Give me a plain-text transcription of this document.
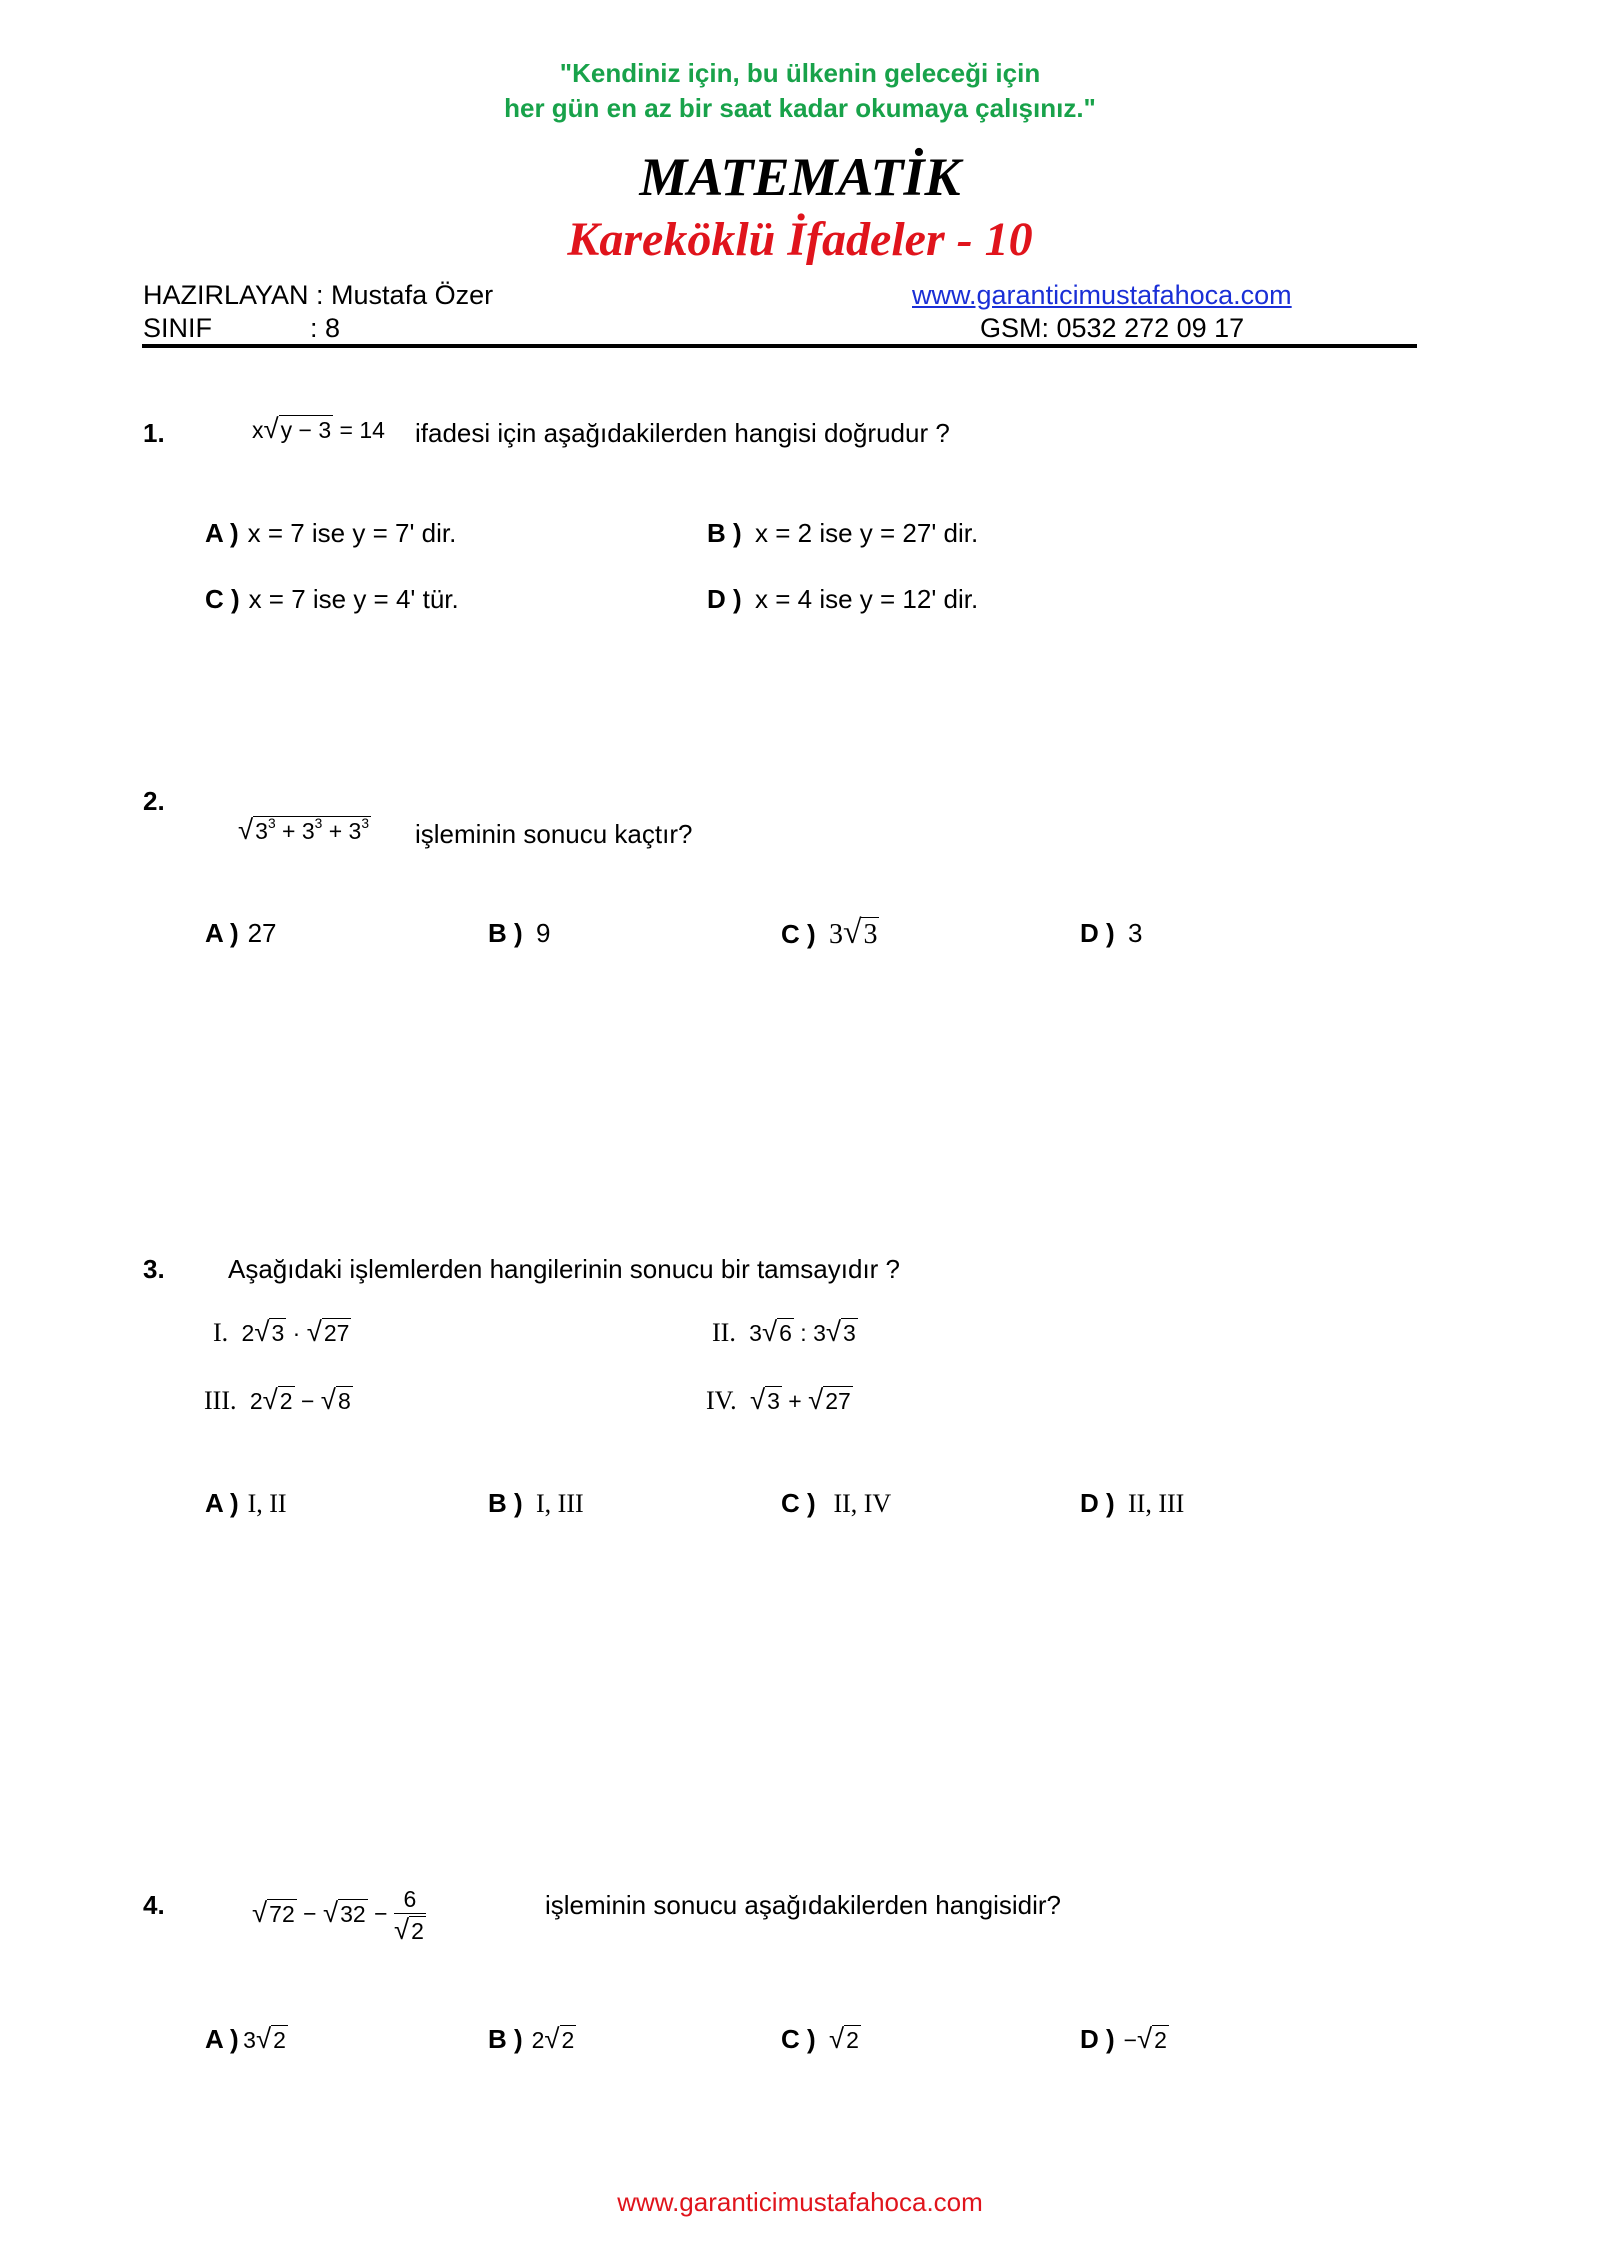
"Kendiniz için, bu ülkenin geleceği için
her gün en az bir saat kadar okumaya çalışınız."
MATEMATİK
Kareköklü İfadeler - 10
HAZIRLAYAN : Mustafa Özer	www.garanticimustafahoca.com
SINIF	: 8	GSM: 0532 272 09 17
1.	x√y − 3 = 14 ifadesi için aşağıdakilerden hangisi doğrudur ?
A ) x = 7 ise y = 7' dir.	B ) x = 2 ise y = 27' dir.
C ) x = 7 ise y = 4' tür.	D ) x = 4 ise y = 12' dir.
2.
$√3^3 + 3^3 + 3^3$ işleminin sonucu kaçtır?
A ) 27	B ) 9	C ) 3√3	D ) 3
3. Aşağıdaki işlemlerden hangilerinin sonucu bir tamsayıdır ?
I. 2√3 · √27	II. 3√6 : 3√3
III. 2√2 − √8	IV. √3 + √27
A ) I, II	B ) I, III	C ) II, IV	D ) II, III
4.	$√72 - √32 - \frac{6}{√2}$	işleminin sonucu aşağıdakilerden hangisidir?
A ) 3√2	B ) 2√2	C ) √2	D ) −√2
www.garanticimustafahoca.com
